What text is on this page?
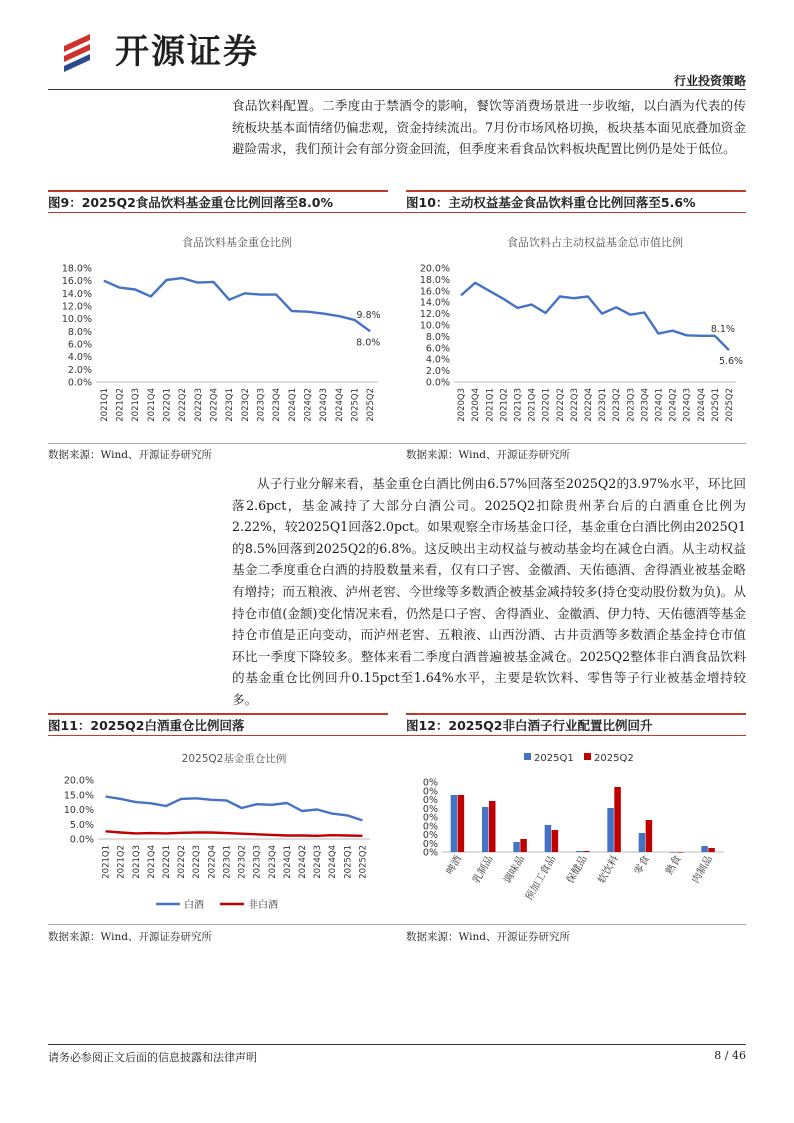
开源证券
行业投资策略

食品饮料配置。二季度由于禁酒令的影响，餐饮等消费场景进一步收缩，以白酒为代表的传统板块基本面情绪仍偏悲观，资金持续流出。7月份市场风格切换，板块基本面见底叠加资金避险需求，我们预计会有部分资金回流，但季度来看食品饮料板块配置比例仍是处于低位。

图9：2025Q2食品饮料基金重仓比例回落至8.0%	图10：主动权益基金食品饮料重仓比例回落至5.6%
食品饮料基金重仓比例
0.0%
2.0%
4.0%
6.0%
8.0%
10.0%
12.0%
14.0%
16.0%
18.0%
2021Q1 2021Q2 2021Q3 2021Q4 2022Q1 2022Q2 2022Q3 2022Q4 2023Q1 2023Q2 2023Q3 2023Q4 2024Q1 2024Q2 2024Q3 2024Q4 2025Q1 2025Q2
9.8%
8.0%
食品饮料占主动权益基金总市值比例
0.0%
2.0%
4.0%
6.0%
8.0%
10.0%
12.0%
14.0%
16.0%
18.0%
20.0%
2020Q3 2020Q4 2021Q1 2021Q2 2021Q3 2021Q4 2022Q1 2022Q2 2022Q3 2022Q4 2023Q1 2023Q2 2023Q3 2023Q4 2024Q1 2024Q2 2024Q3 2024Q4 2025Q1 2025Q2
8.1%
5.6%
数据来源：Wind、开源证券研究所	数据来源：Wind、开源证券研究所

从子行业分解来看，基金重仓白酒比例由6.57%回落至2025Q2的3.97%水平，环比回落2.6pct，基金减持了大部分白酒公司。2025Q2扣除贵州茅台后的白酒重仓比例为2.22%，较2025Q1回落2.0pct。如果观察全市场基金口径，基金重仓白酒比例由2025Q1的8.5%回落到2025Q2的6.8%。这反映出主动权益与被动基金均在减仓白酒。从主动权益基金二季度重仓白酒的持股数量来看，仅有口子窖、金徽酒、天佑德酒、舍得酒业被基金略有增持；而五粮液、泸州老窖、今世缘等多数酒企被基金减持较多(持仓变动股份数为负)。从持仓市值(金额)变化情况来看，仍然是口子窖、舍得酒业、金徽酒、伊力特、天佑德酒等基金持仓市值是正向变动，而泸州老窖、五粮液、山西汾酒、古井贡酒等多数酒企基金持仓市值环比一季度下降较多。整体来看二季度白酒普遍被基金减仓。2025Q2整体非白酒食品饮料的基金重仓比例回升0.15pct至1.64%水平，主要是软饮料、零售等子行业被基金增持较多。

图11：2025Q2白酒重仓比例回落	图12：2025Q2非白酒子行业配置比例回升
2025Q2基金重仓比例
0.0%
5.0%
10.0%
15.0%
20.0%
2021Q1 2021Q2 2021Q3 2021Q4 2022Q1 2022Q2 2022Q3 2022Q4 2023Q1 2023Q2 2023Q3 2023Q4 2024Q1 2024Q2 2024Q3 2024Q4 2025Q1 2025Q2
白酒	非白酒
0%
0%
0%
0%
0%
0%
0%
0%
0%
啤酒 乳制品 调味品
预加工食品 保健品 软饮料 零食 熟食 肉制品
2025Q1 2025Q2
数据来源：Wind、开源证券研究所	数据来源：Wind、开源证券研究所
请务必参阅正文后面的信息披露和法律声明	8 / 46
